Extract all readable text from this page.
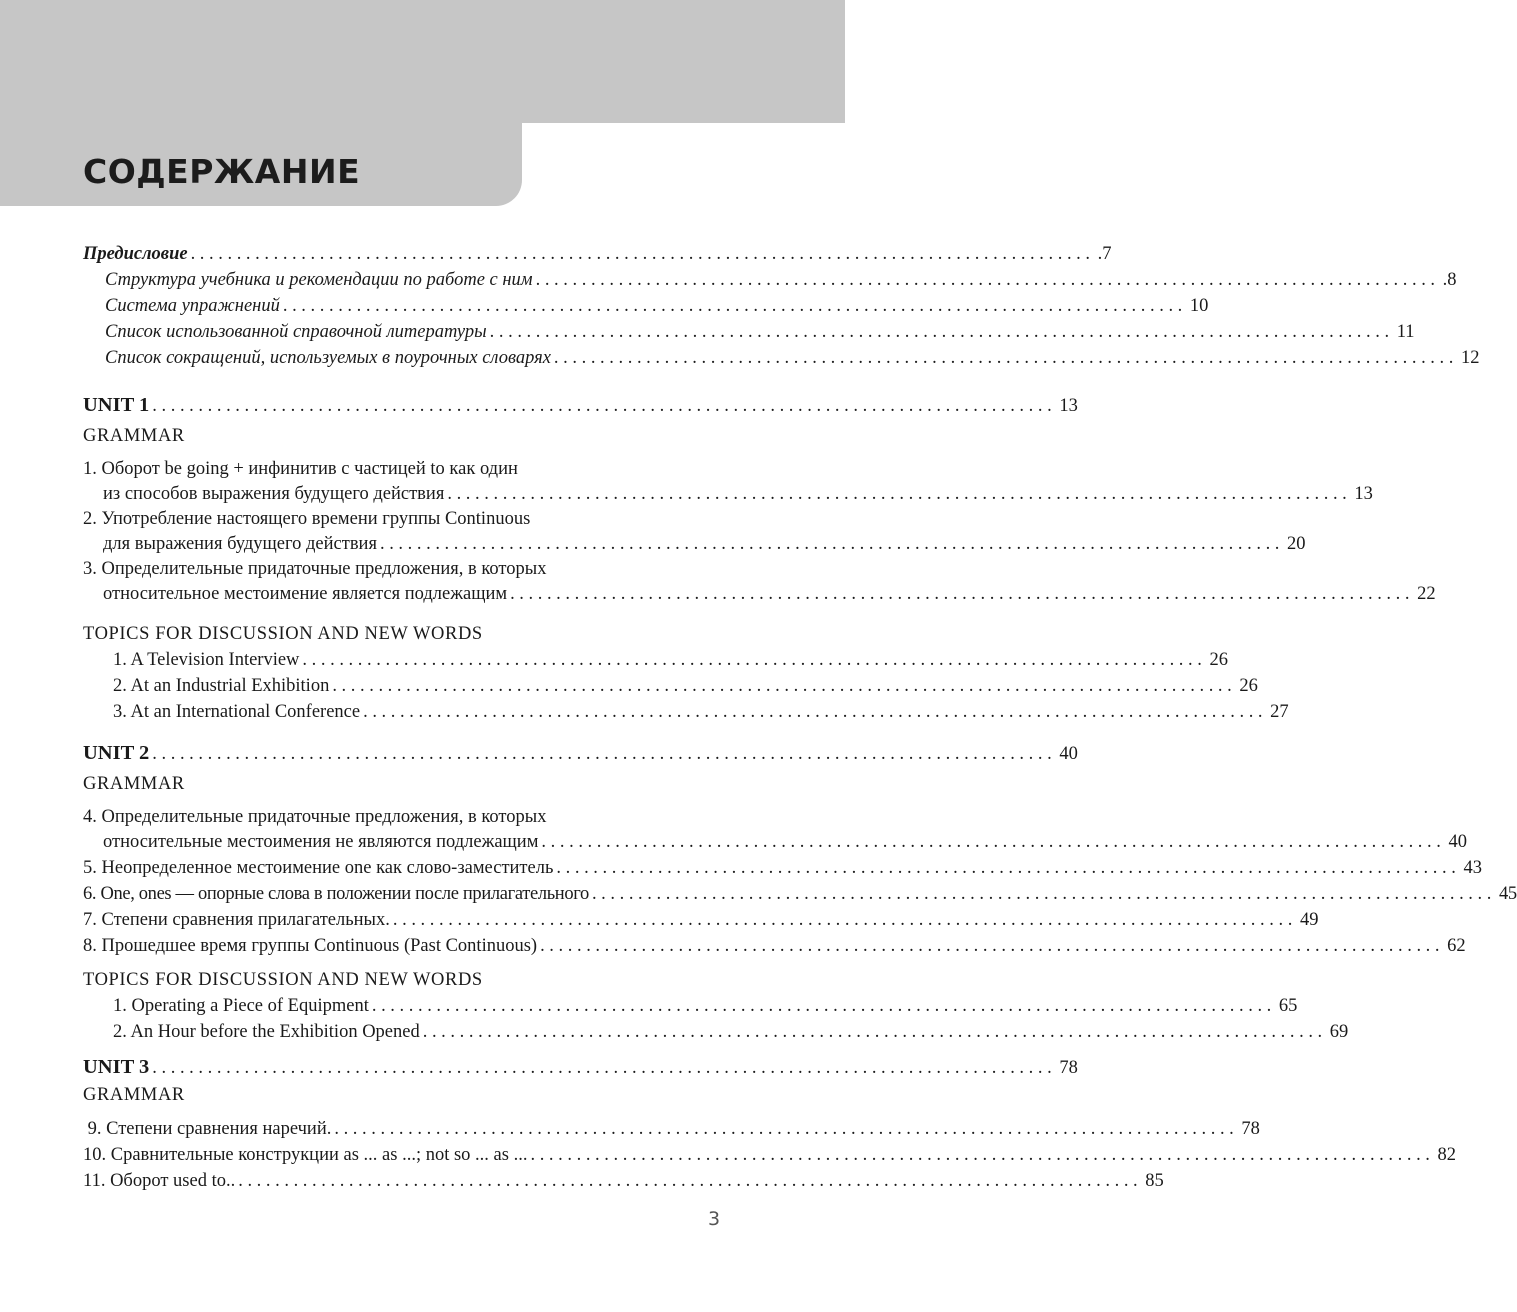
СОДЕРЖАНИЕ
Предисловие .................................................................................................. .7
Структура учебника и рекомендации по работе с ним .................................................................................................. .8
Система упражнений .................................................................................................. 10
Список использованной справочной литературы .................................................................................................. 11
Список сокращений, используемых в поурочных словарях .................................................................................................. 12
UNIT 1 .................................................................................................. 13
GRAMMAR
1. Оборот be going + инфинитив с частицей to как один
из способов выражения будущего действия .................................................................................................. 13
2. Употребление настоящего времени группы Continuous
для выражения будущего действия .................................................................................................. 20
3. Определительные придаточные предложения, в которых
относительное местоимение является подлежащим .................................................................................................. 22
TOPICS FOR DISCUSSION AND NEW WORDS
1. A Television Interview .................................................................................................. 26
2. At an Industrial Exhibition .................................................................................................. 26
3. At an International Conference .................................................................................................. 27
UNIT 2 .................................................................................................. 40
GRAMMAR
4. Определительные придаточные предложения, в которых
относительные местоимения не являются подлежащим .................................................................................................. 40
5. Неопределенное местоимение one как слово-заместитель .................................................................................................. 43
6. One, ones — опорные слова в положении после прилагательного .................................................................................................. 45
7. Степени сравнения прилагательных. .................................................................................................. 49
8. Прошедшее время группы Continuous (Past Continuous) .................................................................................................. 62
TOPICS FOR DISCUSSION AND NEW WORDS
1. Operating a Piece of Equipment .................................................................................................. 65
2. An Hour before the Exhibition Opened .................................................................................................. 69
UNIT 3 .................................................................................................. 78
GRAMMAR
9. Степени сравнения наречий. .................................................................................................. 78
10. Сравнительные конструкции as ... as ...; not so ... as ... .................................................................................................. 82
11. Оборот used to.. .................................................................................................. 85
3
